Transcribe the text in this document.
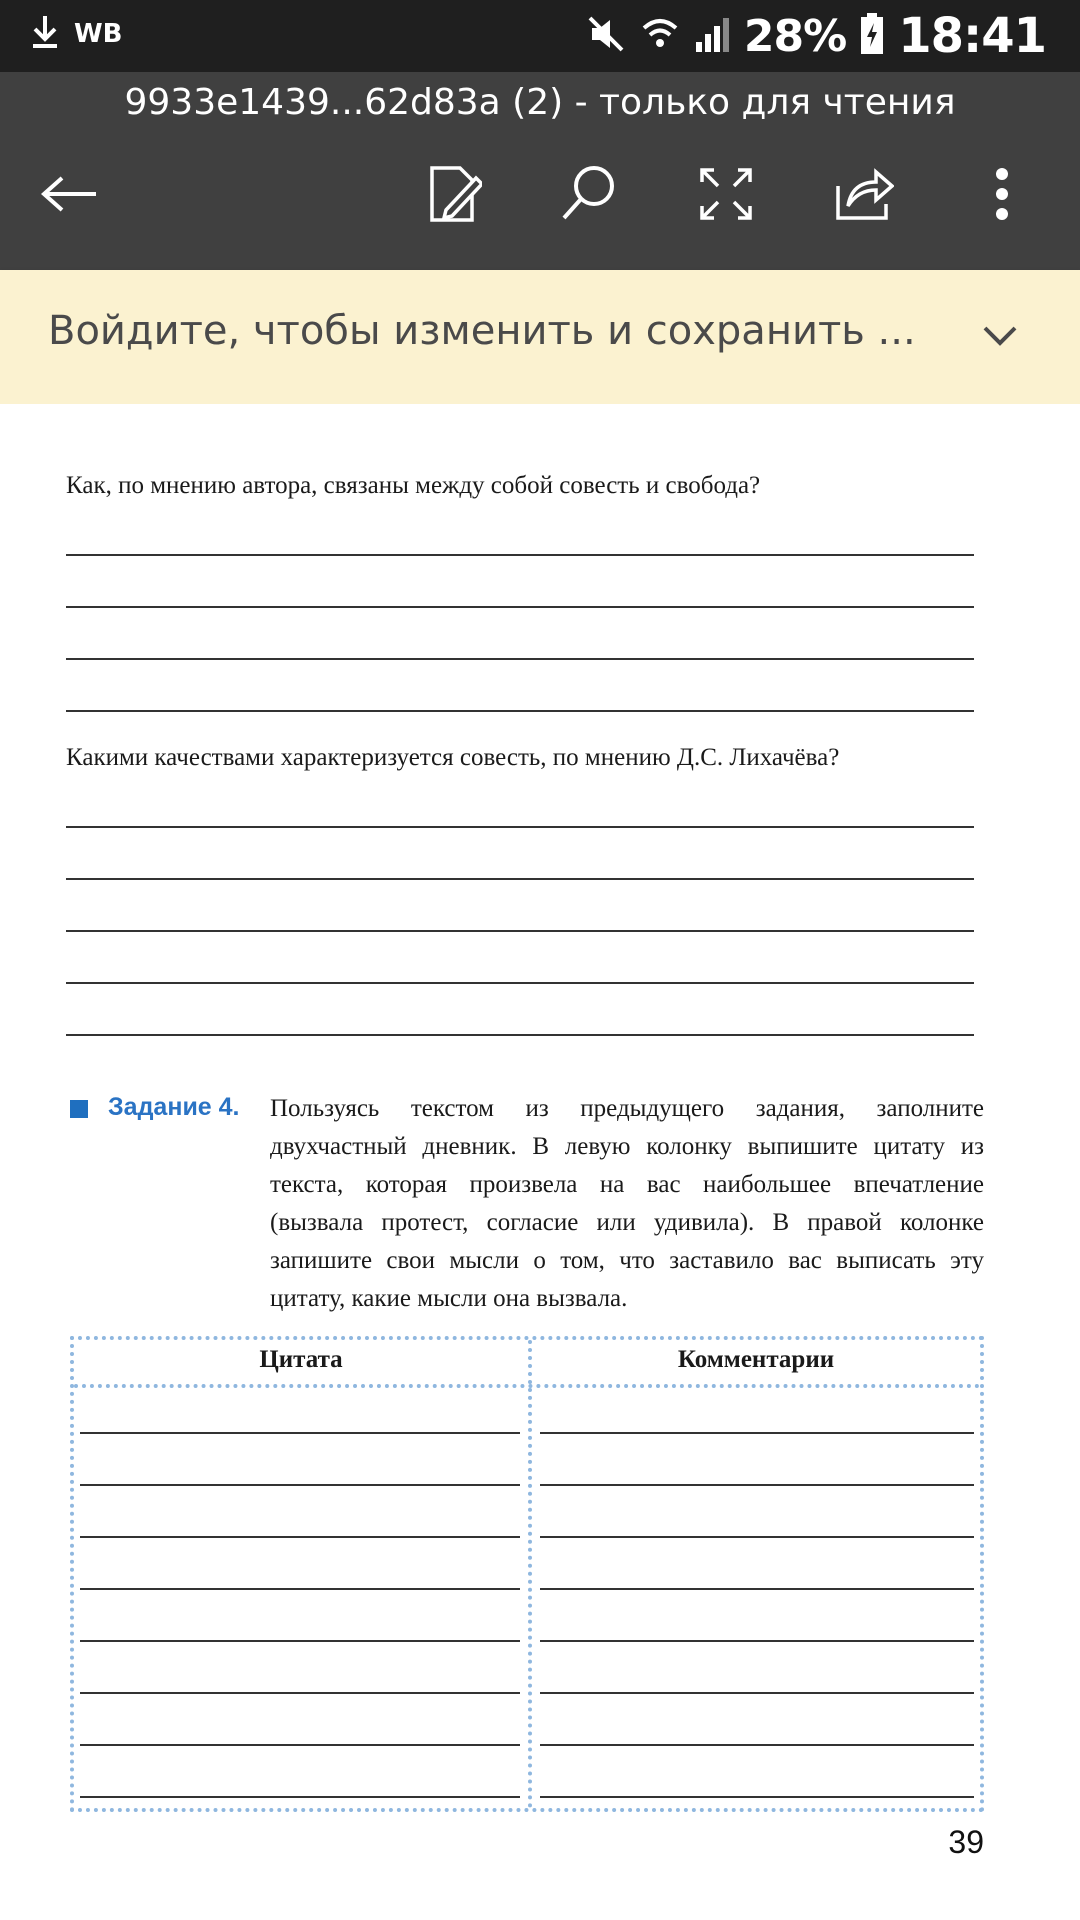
WB	28% 18:41
9933e1439...62d83a (2) - только для чтения
Войдите, чтобы изменить и сохранить ...
Как, по мнению автора, связаны между собой совесть и свобода?
Какими качествами характеризуется совесть, по мнению Д.С. Лихачёва?
Задание 4. Пользуясь текстом из предыдущего задания, заполните двухчастный дневник. В левую колонку выпишите цитату из текста, которая произвела на вас наибольшее впечатление (вызвала протест, согласие или удивила). В правой колонке запишите свои мысли о том, что заставило вас выписать эту цитату, какие мысли она вызвала.
Цитата	Комментарии
39
